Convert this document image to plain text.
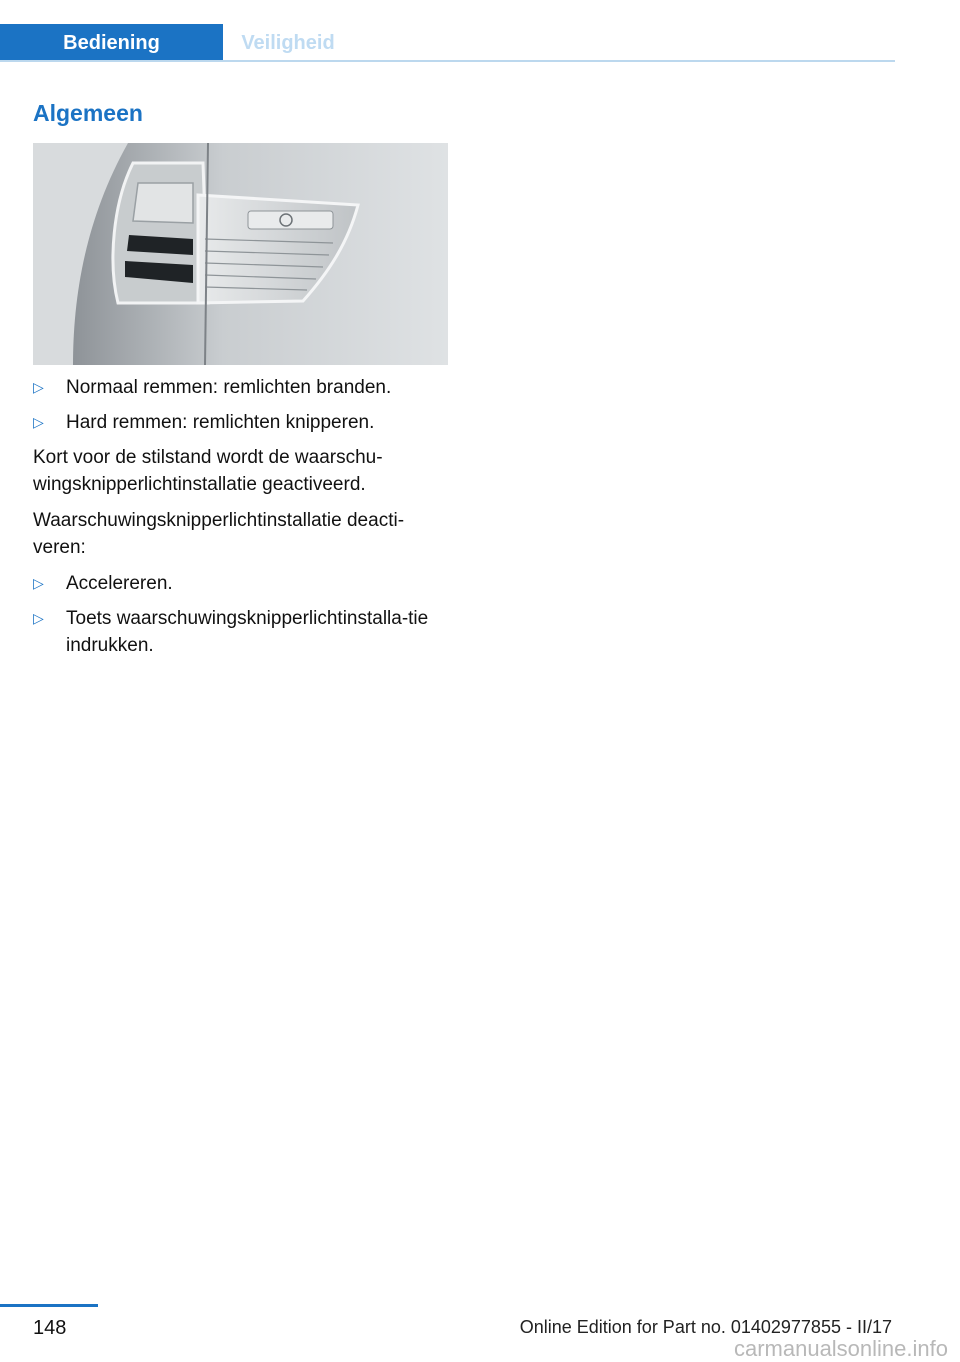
Bediening	Veiligheid
Algemeen
▷ Normaal remmen: remlichten branden.
▷ Hard remmen: remlichten knipperen.

Kort voor de stilstand wordt de waarschu-wingsknipperlichtinstallatie geactiveerd.

Waarschuwingsknipperlichtinstallatie deacti-veren:

▷ Accelereren.
▷ Toets waarschuwingsknipperlichtinstalla-tie indrukken.
148	Online Edition for Part no. 01402977855 - II/17
carmanualsonline.info
